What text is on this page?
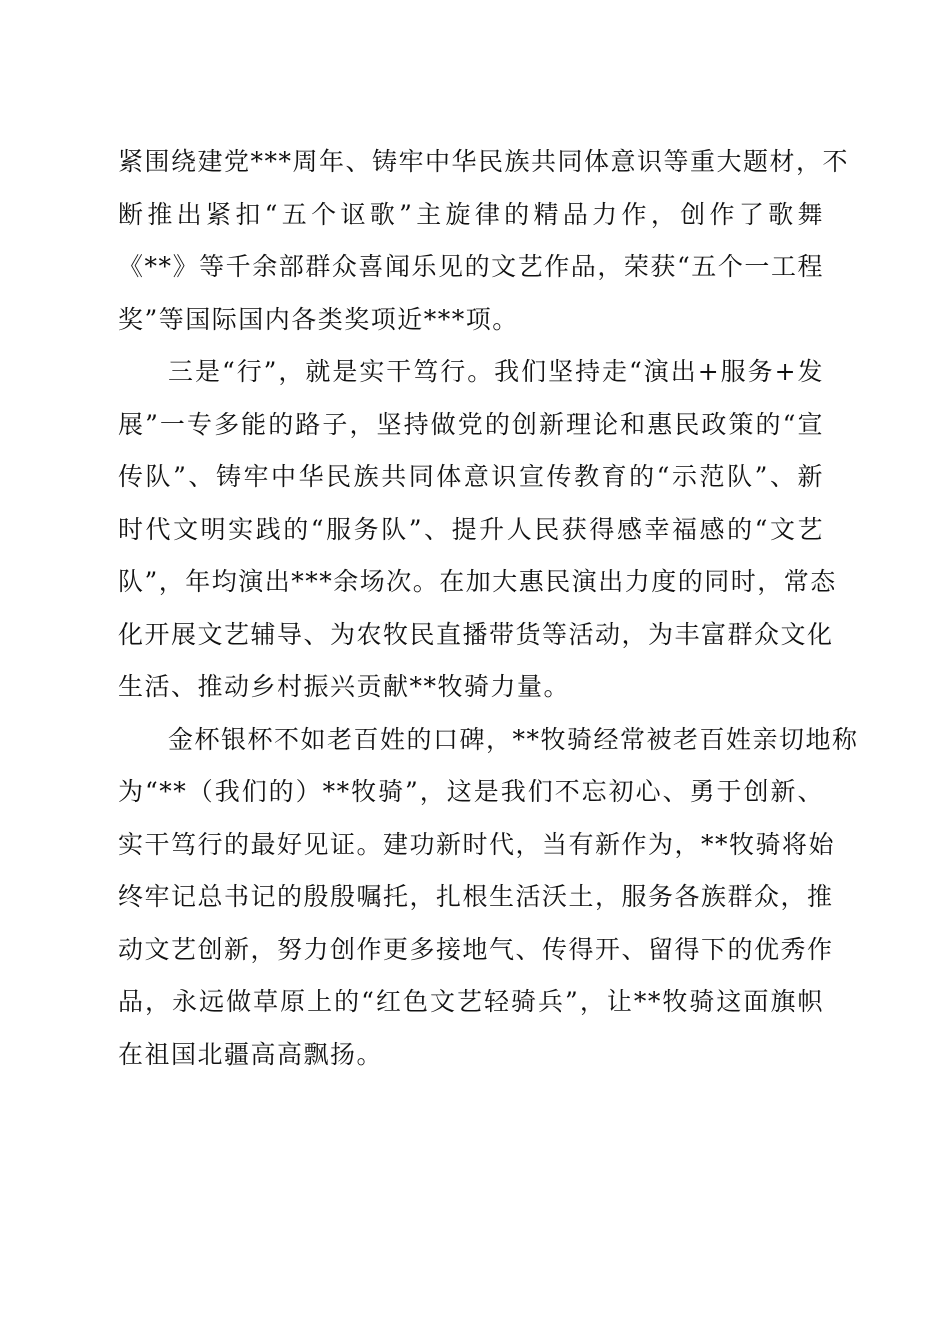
紧围绕建党***周年、铸牢中华民族共同体意识等重大题材，不
断推出紧扣“五个讴歌”主旋律的精品力作，创作了歌舞
《**》等千余部群众喜闻乐见的文艺作品，荣获“五个一工程
奖”等国际国内各类奖项近***项。
三是“行”，就是实干笃行。我们坚持走“演出+服务+发
展”一专多能的路子，坚持做党的创新理论和惠民政策的“宣
传队”、铸牢中华民族共同体意识宣传教育的“示范队”、新
时代文明实践的“服务队”、提升人民获得感幸福感的“文艺
队”，年均演出***余场次。在加大惠民演出力度的同时，常态
化开展文艺辅导、为农牧民直播带货等活动，为丰富群众文化
生活、推动乡村振兴贡献**牧骑力量。
金杯银杯不如老百姓的口碑，**牧骑经常被老百姓亲切地称
为“**（我们的）**牧骑”，这是我们不忘初心、勇于创新、
实干笃行的最好见证。建功新时代，当有新作为，**牧骑将始
终牢记总书记的殷殷嘱托，扎根生活沃土，服务各族群众，推
动文艺创新，努力创作更多接地气、传得开、留得下的优秀作
品，永远做草原上的“红色文艺轻骑兵”，让**牧骑这面旗帜
在祖国北疆高高飘扬。
